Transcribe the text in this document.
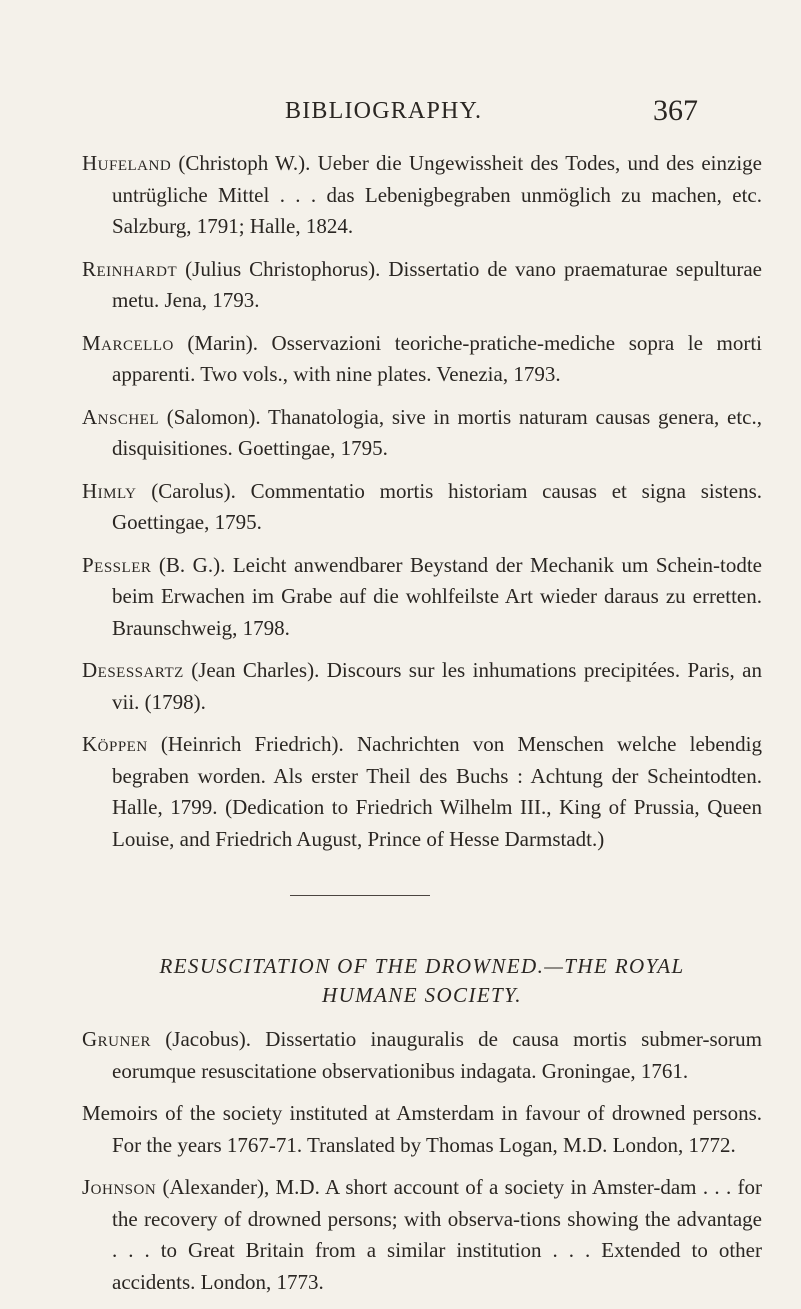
BIBLIOGRAPHY.	367

Hufeland (Christoph W.). Ueber die Ungewissheit des Todes, und des einzige untrügliche Mittel . . . das Lebenigbegraben unmöglich zu machen, etc. Salzburg, 1791; Halle, 1824.

Reinhardt (Julius Christophorus). Dissertatio de vano praematurae sepulturae metu. Jena, 1793.

Marcello (Marin). Osservazioni teoriche-pratiche-mediche sopra le morti apparenti. Two vols., with nine plates. Venezia, 1793.

Anschel (Salomon). Thanatologia, sive in mortis naturam causas genera, etc., disquisitiones. Goettingae, 1795.

Himly (Carolus). Commentatio mortis historiam causas et signa sistens. Goettingae, 1795.

Pessler (B. G.). Leicht anwendbarer Beystand der Mechanik um Schein-todte beim Erwachen im Grabe auf die wohlfeilste Art wieder daraus zu erretten. Braunschweig, 1798.

Desessartz (Jean Charles). Discours sur les inhumations precipitées. Paris, an vii. (1798).

Köppen (Heinrich Friedrich). Nachrichten von Menschen welche lebendig begraben worden. Als erster Theil des Buchs : Achtung der Scheintodten. Halle, 1799. (Dedication to Friedrich Wilhelm III., King of Prussia, Queen Louise, and Friedrich August, Prince of Hesse Darmstadt.)

RESUSCITATION OF THE DROWNED.—THE ROYAL
HUMANE SOCIETY.

Gruner (Jacobus). Dissertatio inauguralis de causa mortis submer-sorum eorumque resuscitatione observationibus indagata. Groningae, 1761.

Memoirs of the society instituted at Amsterdam in favour of drowned persons. For the years 1767-71. Translated by Thomas Logan, M.D. London, 1772.

Johnson (Alexander), M.D. A short account of a society in Amster-dam . . . for the recovery of drowned persons; with observa-tions showing the advantage . . . to Great Britain from a similar institution . . . Extended to other accidents. London, 1773.
